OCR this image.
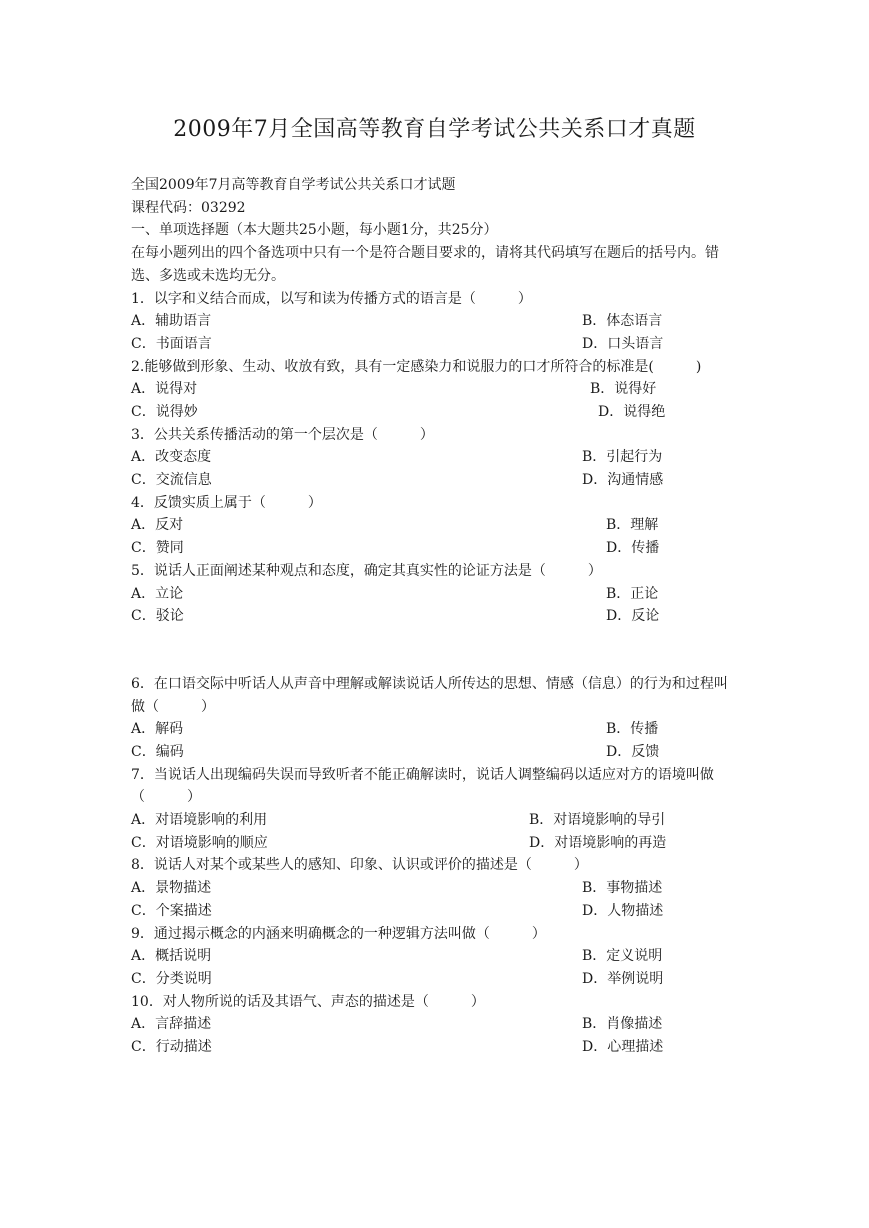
2009年7月全国高等教育自学考试公共关系口才真题
全国2009年7月高等教育自学考试公共关系口才试题
课程代码：03292
一、单项选择题（本大题共25小题，每小题1分，共25分）
在每小题列出的四个备选项中只有一个是符合题目要求的，请将其代码填写在题后的括号内。错选、多选或未选均无分。
1．以字和义结合而成，以写和读为传播方式的语言是（　　　）
A．辅助语言	B．体态语言
C．书面语言	D．口头语言
2.能够做到形象、生动、收放有致，具有一定感染力和说服力的口才所符合的标准是(　　　)
A．说得对	B．说得好
C．说得妙	D．说得绝
3．公共关系传播活动的第一个层次是（　　　）
A．改变态度	B．引起行为
C．交流信息	D．沟通情感
4．反馈实质上属于（　　　）
A．反对	B．理解
C．赞同	D．传播
5．说话人正面阐述某种观点和态度，确定其真实性的论证方法是（　　　）
A．立论	B．正论
C．驳论	D．反论
6．在口语交际中听话人从声音中理解或解读说话人所传达的思想、情感（信息）的行为和过程叫做（　　　）
A．解码	B．传播
C．编码	D．反馈
7．当说话人出现编码失误而导致听者不能正确解读时，说话人调整编码以适应对方的语境叫做（　　　）
A．对语境影响的利用	B．对语境影响的导引
C．对语境影响的顺应	D．对语境影响的再造
8．说话人对某个或某些人的感知、印象、认识或评价的描述是（　　　）
A．景物描述	B．事物描述
C．个案描述	D．人物描述
9．通过揭示概念的内涵来明确概念的一种逻辑方法叫做（　　　）
A．概括说明	B．定义说明
C．分类说明	D．举例说明
10．对人物所说的话及其语气、声态的描述是（　　　）
A．言辞描述	B．肖像描述
C．行动描述	D．心理描述
